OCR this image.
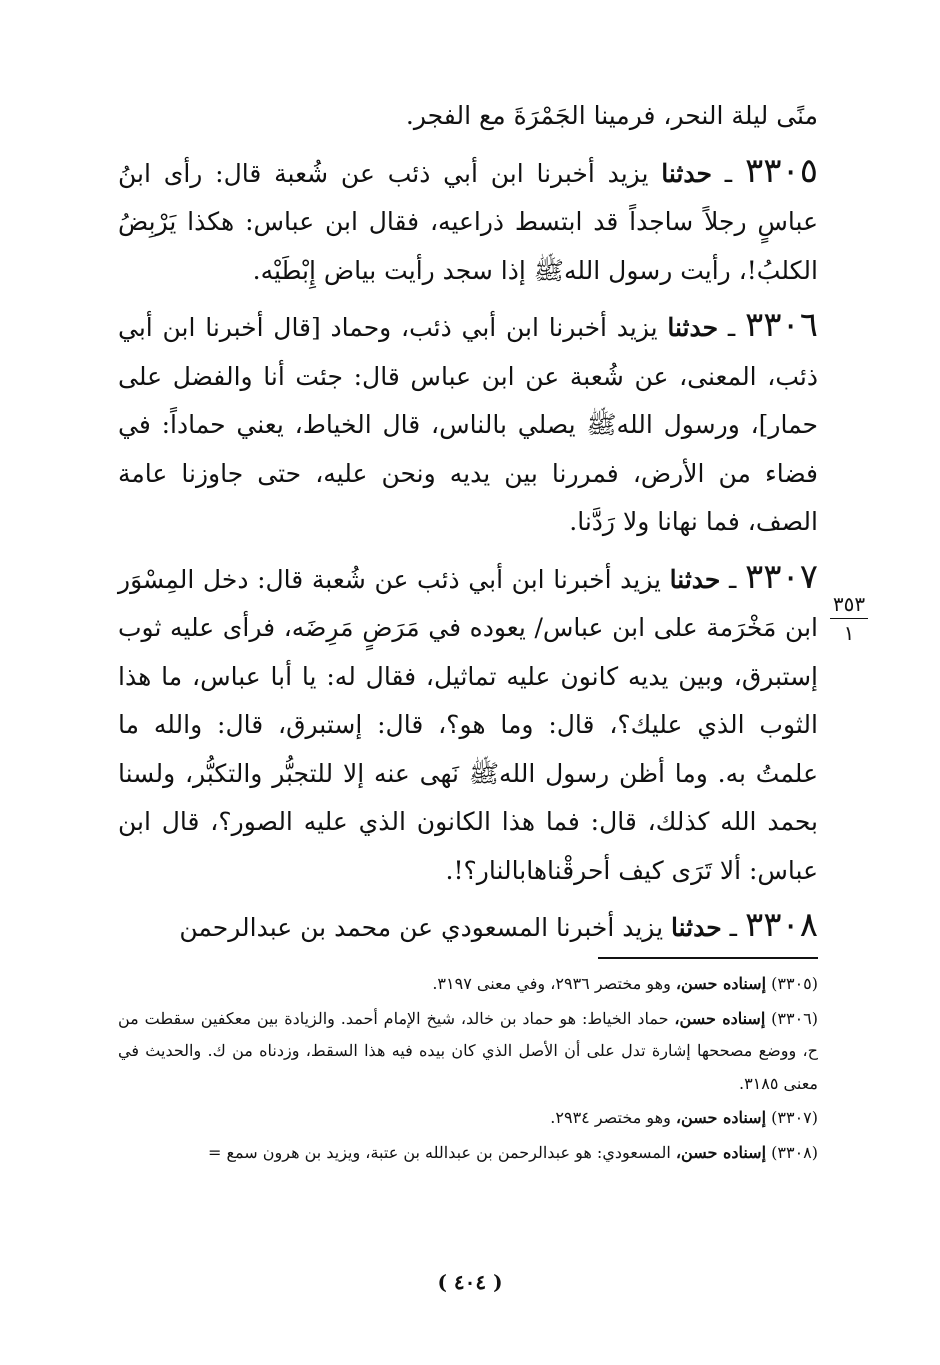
منًى ليلة النحر، فرمينا الجَمْرَةَ مع الفجر.

٣٣٠٥ ـ حدثنا يزيد أخبرنا ابن أبي ذئب عن شُعبة قال: رأى ابنُ عباسٍ رجلاً ساجداً قد ابتسط ذراعيه، فقال ابن عباس: هكذا يَرْبِضُ الكلبُ!، رأيت رسول اللهﷺ إذا سجد رأيت بياض إِبْطَيْه.

٣٣٠٦ ـ حدثنا يزيد أخبرنا ابن أبي ذئب، وحماد [قال أخبرنا ابن أبي ذئب، المعنى، عن شُعبة عن ابن عباس قال: جئت أنا والفضل على حمار]، ورسول اللهﷺ يصلي بالناس، قال الخياط، يعني حماداً: في فضاء من الأرض، فمررنا بين يديه ونحن عليه، حتى جاوزنا عامة الصف، فما نهانا ولا رَدَّنا.

٣٣٠٧ ـ حدثنا يزيد أخبرنا ابن أبي ذئب عن شُعبة قال: دخل المِسْوَر ابن مَخْرَمة على ابن عباس/ يعوده في مَرَضٍ مَرِضَه، فرأى عليه ثوب إستبرق، وبين يديه كانون عليه تماثيل، فقال له: يا أبا عباس، ما هذا الثوب الذي عليك؟، قال: وما هو؟، قال: إستبرق، قال: والله ما علمتُ به. وما أظن رسول اللهﷺ نَهى عنه إلا للتجبُّر والتكبُّر، ولسنا بحمد الله كذلك، قال: فما هذا الكانون الذي عليه الصور؟، قال ابن عباس: ألا تَرَى كيف أحرقْناهابالنار؟!.

٣٣٠٨ ـ حدثنا يزيد أخبرنا المسعودي عن محمد بن عبدالرحمن

٣٥٣
١

(٣٣٠٥) إسناده حسن، وهو مختصر ٢٩٣٦، وفي معنى ٣١٩٧.

(٣٣٠٦) إسناده حسن، حماد الخياط: هو حماد بن خالد، شيخ الإمام أحمد. والزيادة بين معكفين سقطت من ح، ووضع مصححها إشارة تدل على أن الأصل الذي كان بيده فيه هذا السقط، وزدناه من ك. والحديث في معنى ٣١٨٥.

(٣٣٠٧) إسناده حسن، وهو مختصر ٢٩٣٤.

(٣٣٠٨) إسناده حسن، المسعودي: هو عبدالرحمن بن عبدالله بن عتبة، ويزيد بن هرون سمع =

( ٤٠٤ )
